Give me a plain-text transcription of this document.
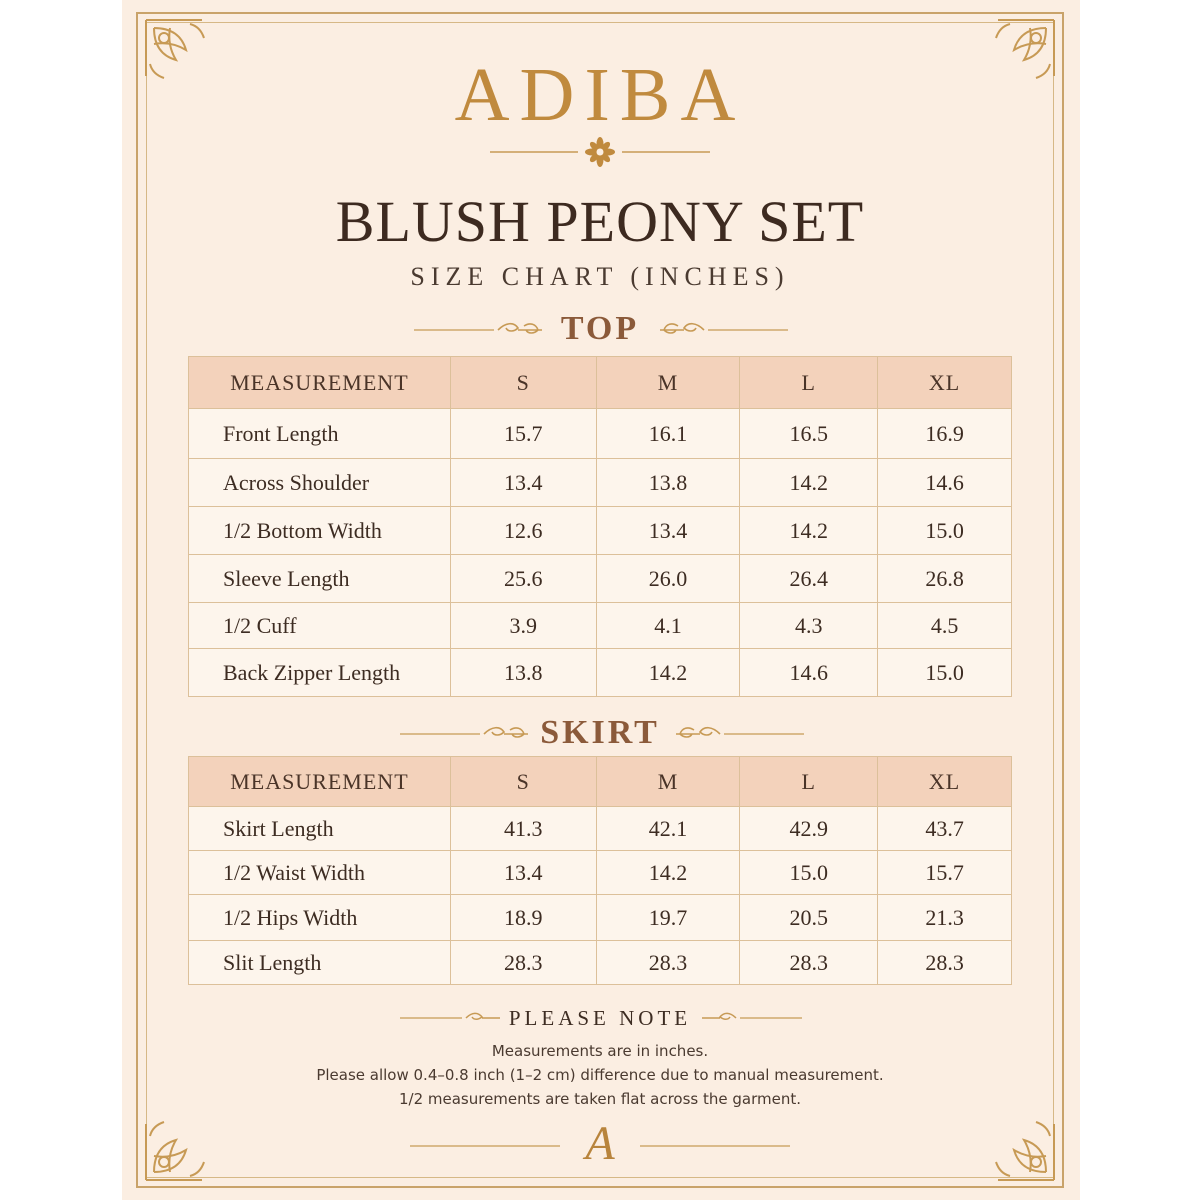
ADIBA
BLUSH PEONY SET
SIZE CHART (INCHES)
TOP
MEASUREMENT	S	M	L	XL
Front Length	15.7	16.1	16.5	16.9
Across Shoulder	13.4	13.8	14.2	14.6
1/2 Bottom Width	12.6	13.4	14.2	15.0
Sleeve Length	25.6	26.0	26.4	26.8
1/2 Cuff	3.9	4.1	4.3	4.5
Back Zipper Length	13.8	14.2	14.6	15.0
SKIRT
MEASUREMENT	S	M	L	XL
Skirt Length	41.3	42.1	42.9	43.7
1/2 Waist Width	13.4	14.2	15.0	15.7
1/2 Hips Width	18.9	19.7	20.5	21.3
Slit Length	28.3	28.3	28.3	28.3
PLEASE NOTE
Measurements are in inches.
Please allow 0.4–0.8 inch (1–2 cm) difference due to manual measurement.
1/2 measurements are taken flat across the garment.
A
